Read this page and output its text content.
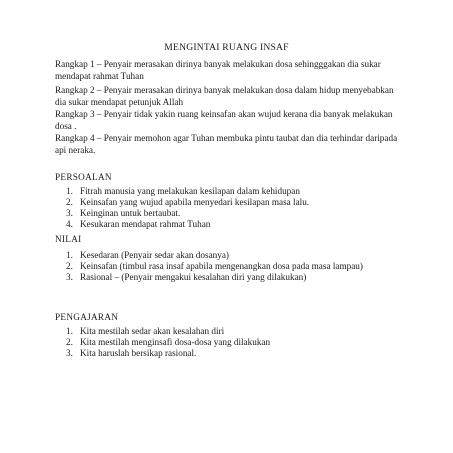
MENGINTAI RUANG INSAF

Rangkap 1 – Penyair merasakan dirinya banyak melakukan dosa sehingggakan dia sukar mendapat rahmat Tuhan

Rangkap 2 – Penyair merasakan dirinya banyak melakukan dosa dalam hidup menyebabkan dia sukar mendapat petunjuk Allah

Rangkap 3 – Penyair tidak yakin ruang keinsafan akan wujud kerana dia banyak melakukan dosa .

Rangkap 4 – Penyair memohon agar Tuhan membuka pintu taubat dan dia terhindar daripada api neraka.

PERSOALAN
1. Fitrah manusia yang melakukan kesilapan dalam kehidupan
2. Keinsafan yang wujud apabila menyedari kesilapan masa lalu.
3. Keinginan untuk bertaubat.
4. Kesukaran mendapat rahmat Tuhan
NILAI
1. Kesedaran (Penyair sedar akan dosanya)
2. Keinsafan (timbul rasa insaf apabila mengenangkan dosa pada masa lampau)
3. Rasional – (Penyair mengakui kesalahan diri yang dilakukan)
PENGAJARAN
1. Kita mestilah sedar akan kesalahan diri
2. Kita mestilah menginsafi dosa-dosa yang dilakukan
3. Kita haruslah bersikap rasional.
